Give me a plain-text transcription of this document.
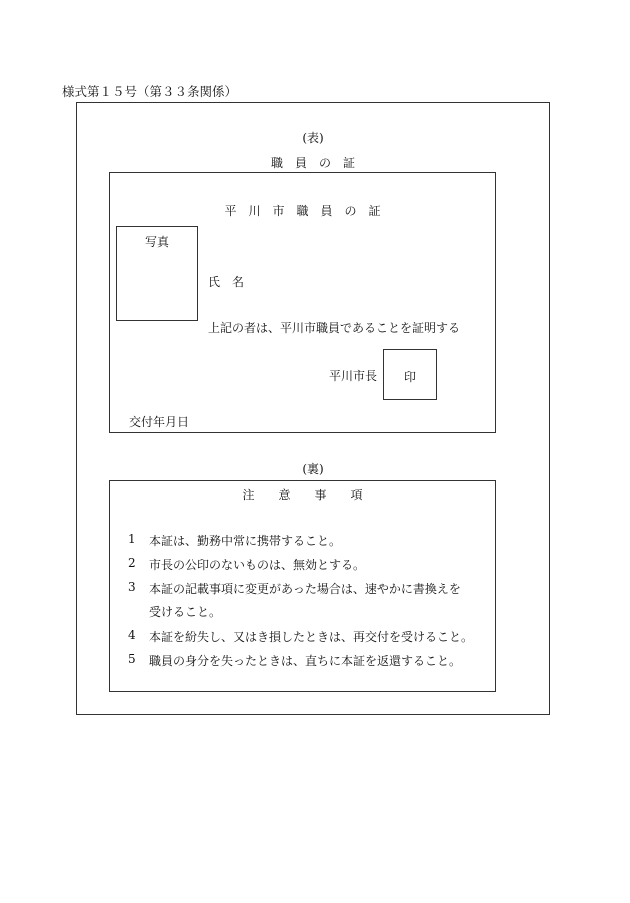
様式第１５号（第３３条関係）
(表)
職　員　の　証
平　川　市　職　員　の　証
写真
氏　名
上記の者は、平川市職員であることを証明する
平川市長	印
交付年月日
(裏)
注　　意　　事　　項
1 本証は、勤務中常に携帯すること。
2 市長の公印のないものは、無効とする。
3 本証の記載事項に変更があった場合は、速やかに書換えを
受けること。
4 本証を紛失し、又はき損したときは、再交付を受けること。
5 職員の身分を失ったときは、直ちに本証を返還すること。
